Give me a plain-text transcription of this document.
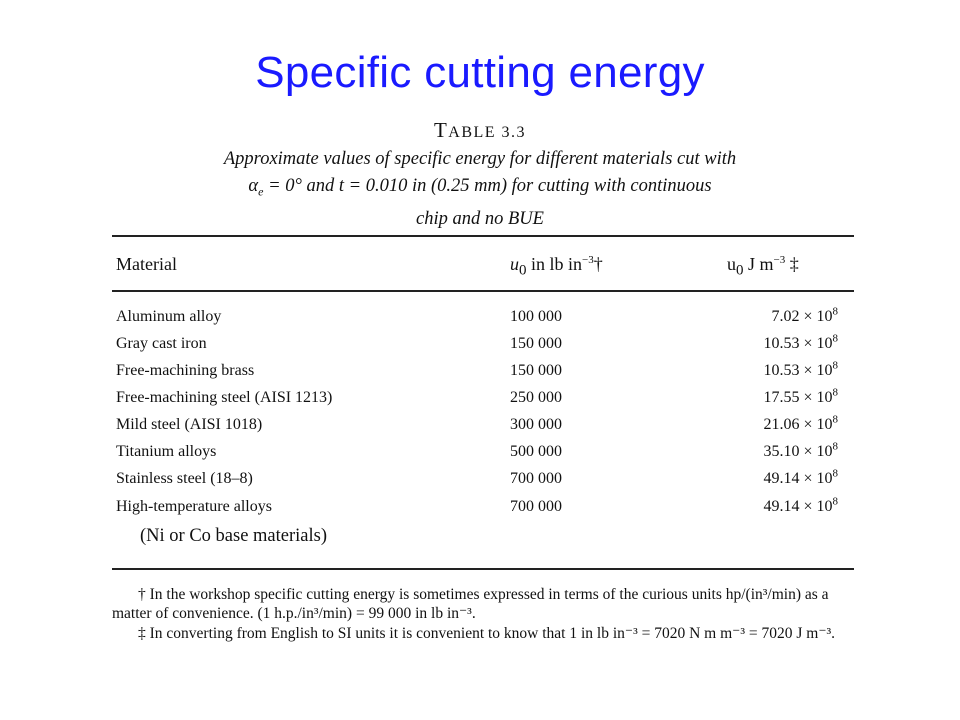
Specific cutting energy
TABLE 3.3
Approximate values of specific energy for different materials cut with
$\alpha_e = 0^\circ$ and t = 0.010 in (0.25 mm) for cutting with continuous
chip and no BUE
Material	$u_0$ in lb $in^{-3}\dagger$	$u_0$ J $m^{-3}$ ‡
Aluminum alloy	100 000	$7.02 \times 10^8$
Gray cast iron	150 000	$10.53 \times 10^8$
Free-machining brass	150 000	$10.53 \times 10^8$
Free-machining steel (AISI 1213)	250 000	$17.55 \times 10^8$
Mild steel (AISI 1018)	300 000	$21.06 \times 10^8$
Titanium alloys	500 000	$35.10 \times 10^8$
Stainless steel (18–8)	700 000	$49.14 \times 10^8$
High-temperature alloys	700 000	$49.14 \times 10^8$
(Ni or Co base materials)
† In the workshop specific cutting energy is sometimes expressed in terms of the curious units hp/(in³/min) as a matter of convenience. (1 h.p./in³/min) = 99 000 in lb in⁻³.
‡ In converting from English to SI units it is convenient to know that 1 in lb in⁻³ = 7020 N m m⁻³ = 7020 J m⁻³.
